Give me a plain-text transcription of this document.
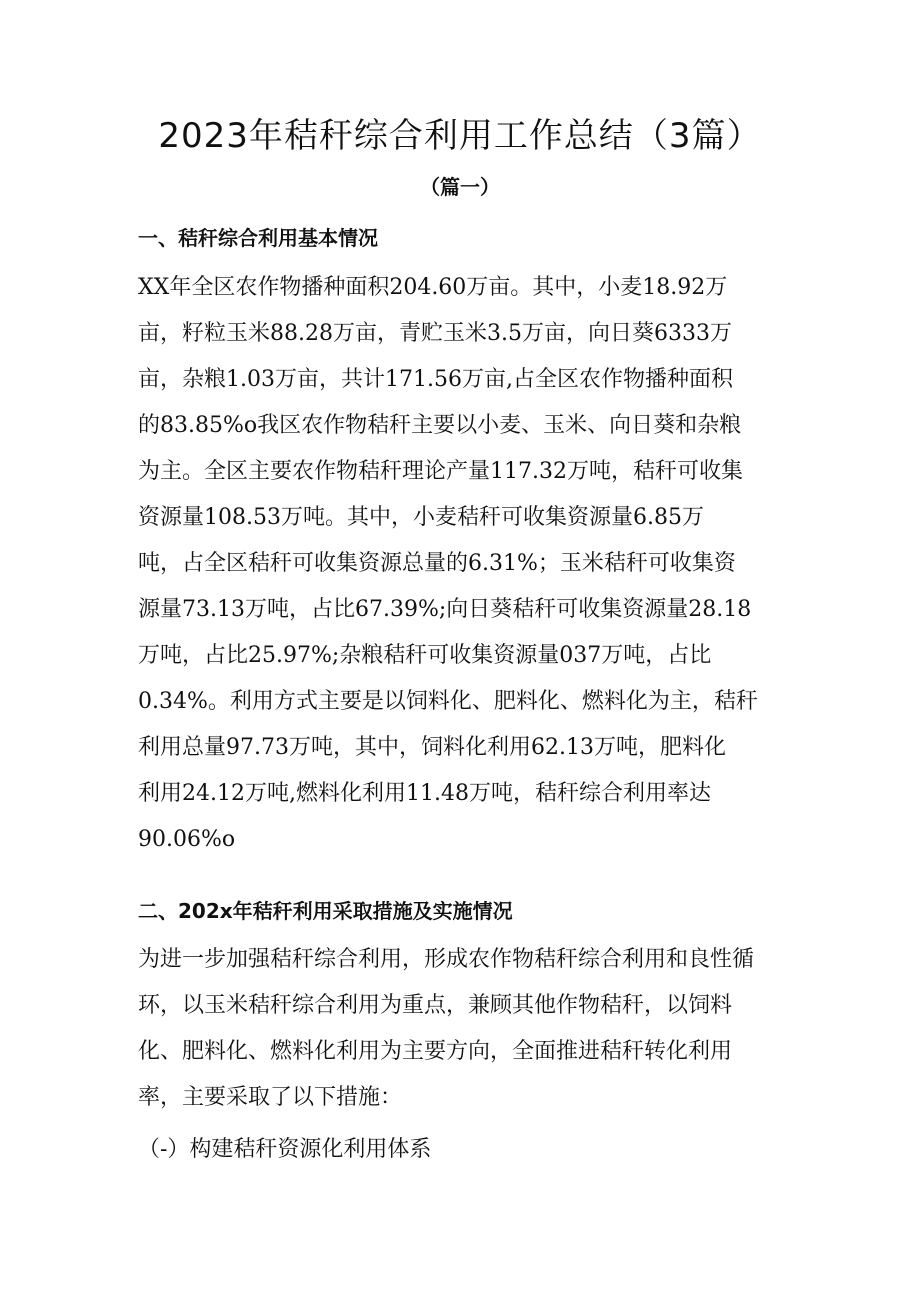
2023年秸秆综合利用工作总结（3篇）
（篇一）
一、秸秆综合利用基本情况
XX年全区农作物播种面积204.60万亩。其中，小麦18.92万
亩，籽粒玉米88.28万亩，青贮玉米3.5万亩，向日葵6333万
亩，杂粮1.03万亩，共计171.56万亩,占全区农作物播种面积
的83.85%o我区农作物秸秆主要以小麦、玉米、向日葵和杂粮
为主。全区主要农作物秸秆理论产量117.32万吨，秸秆可收集
资源量108.53万吨。其中，小麦秸秆可收集资源量6.85万
吨，占全区秸秆可收集资源总量的6.31%；玉米秸秆可收集资
源量73.13万吨，占比67.39%;向日葵秸秆可收集资源量28.18
万吨，占比25.97%;杂粮秸秆可收集资源量037万吨，占比
0.34%。利用方式主要是以饲料化、肥料化、燃料化为主，秸秆
利用总量97.73万吨，其中，饲料化利用62.13万吨，肥料化
利用24.12万吨,燃料化利用11.48万吨，秸秆综合利用率达
90.06%o
二、202x年秸秆利用采取措施及实施情况
为进一步加强秸秆综合利用，形成农作物秸秆综合利用和良性循
环，以玉米秸秆综合利用为重点，兼顾其他作物秸秆，以饲料
化、肥料化、燃料化利用为主要方向，全面推进秸秆转化利用
率，主要采取了以下措施：
（-）构建秸秆资源化利用体系
